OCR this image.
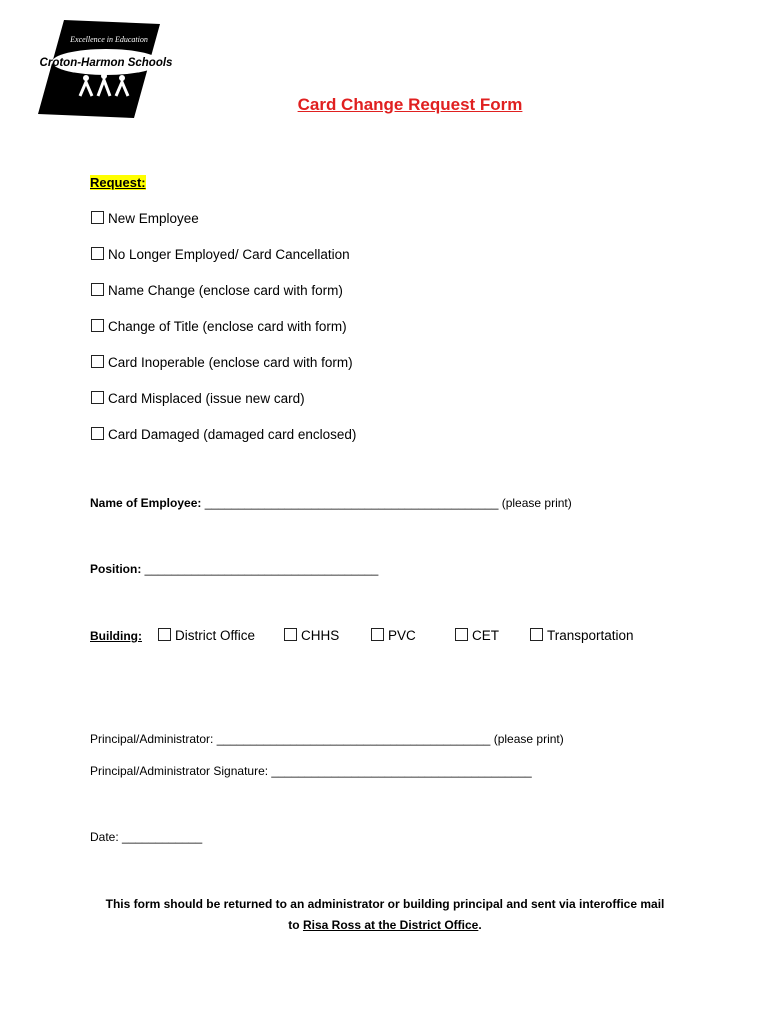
Excellence in Education
Croton-Harmon Schools
Card Change Request Form
Request:
New Employee
No Longer Employed/ Card Cancellation
Name Change (enclose card with form)
Change of Title (enclose card with form)
Card Inoperable (enclose card with form)
Card Misplaced (issue new card)
Card Damaged (damaged card enclosed)
Name of Employee: ____________________________________________ (please print)
Position: ___________________________________
Building:	District Office	CHHS	PVC	CET	Transportation
Principal/Administrator: _________________________________________ (please print)
Principal/Administrator Signature: _______________________________________
Date: ____________
This form should be returned to an administrator or building principal and sent via interoffice mail
to Risa Ross at the District Office.
